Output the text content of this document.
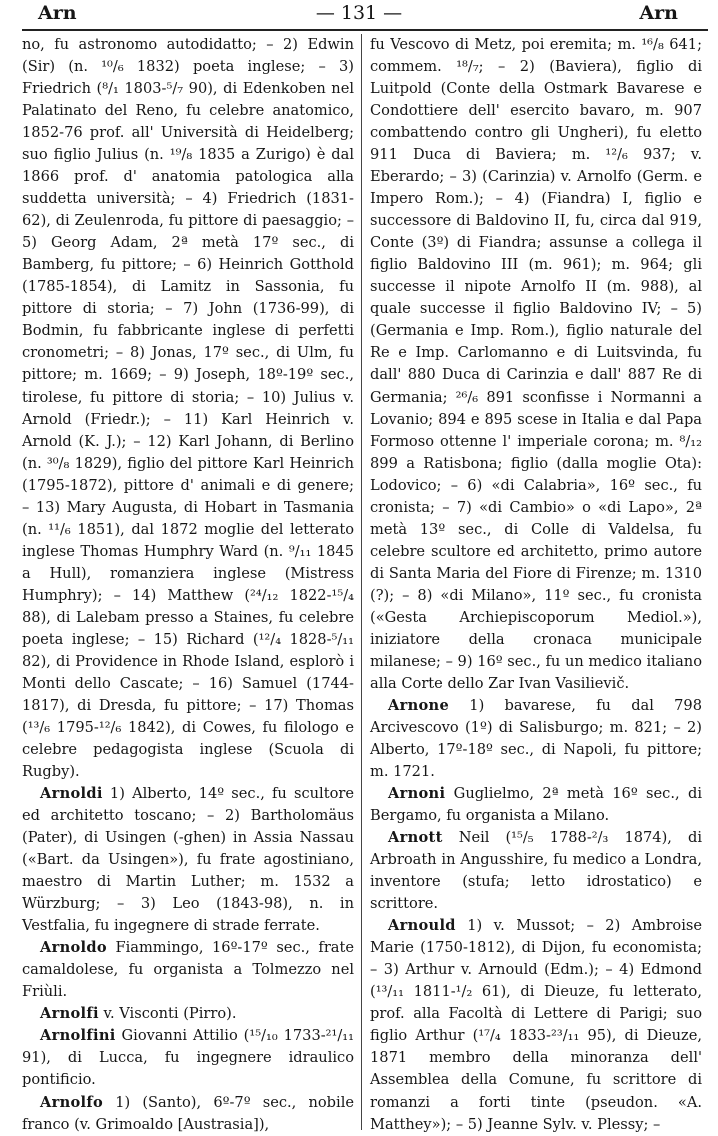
Arn	— 131 —	Arn

no, fu astronomo autodidatto; – 2) Edwin (Sir) (n. ¹⁰/₆ 1832) poeta inglese; – 3) Friedrich (⁸/₁ 1803-⁵/₇ 90), di Edenkoben nel Palatinato del Reno, fu celebre anatomico, 1852-76 prof. all' Università di Heidelberg; suo figlio Julius (n. ¹⁹/₈ 1835 a Zurigo) è dal 1866 prof. d' anatomia patologica alla suddetta università; – 4) Friedrich (1831-62), di Zeulenroda, fu pittore di paesaggio; – 5) Georg Adam, 2ª metà 17º sec., di Bamberg, fu pittore; – 6) Heinrich Gotthold (1785-1854), di Lamitz in Sassonia, fu pittore di storia; – 7) John (1736-99), di Bodmin, fu fabbricante inglese di perfetti cronometri; – 8) Jonas, 17º sec., di Ulm, fu pittore; m. 1669; – 9) Joseph, 18º-19º sec., tirolese, fu pittore di storia; – 10) Julius v. Arnold (Friedr.); – 11) Karl Heinrich v. Arnold (K. J.); – 12) Karl Johann, di Berlino (n. ³⁰/₈ 1829), figlio del pittore Karl Heinrich (1795-1872), pittore d' animali e di genere; – 13) Mary Augusta, di Hobart in Tasmania (n. ¹¹/₆ 1851), dal 1872 moglie del letterato inglese Thomas Humphry Ward (n. ⁹/₁₁ 1845 a Hull), romanziera inglese (Mistress Humphry); – 14) Matthew (²⁴/₁₂ 1822-¹⁵/₄ 88), di Lalebam presso a Staines, fu celebre poeta inglese; – 15) Richard (¹²/₄ 1828-⁵/₁₁ 82), di Providence in Rhode Island, esplorò i Monti dello Cascate; – 16) Samuel (1744-1817), di Dresda, fu pittore; – 17) Thomas (¹³/₆ 1795-¹²/₆ 1842), di Cowes, fu filologo e celebre pedagogista inglese (Scuola di Rugby).

Arnoldi 1) Alberto, 14º sec., fu scultore ed architetto toscano; – 2) Bartholomäus (Pater), di Usingen (-ghen) in Assia Nassau («Bart. da Usingen»), fu frate agostiniano, maestro di Martin Luther; m. 1532 a Würzburg; – 3) Leo (1843-98), n. in Vestfalia, fu ingegnere di strade ferrate.

Arnoldo Fiammingo, 16º-17º sec., frate camaldolese, fu organista a Tolmezzo nel Friùli.

Arnolfi v. Visconti (Pirro).

Arnolfini Giovanni Attilio (¹⁵/₁₀ 1733-²¹/₁₁ 91), di Lucca, fu ingegnere idraulico pontificio.

Arnolfo 1) (Santo), 6º-7º sec., nobile franco (v. Grimoaldo [Austrasia]),

fu Vescovo di Metz, poi eremita; m. ¹⁶/₈ 641; commem. ¹⁸/₇; – 2) (Baviera), figlio di Luitpold (Conte della Ostmark Bavarese e Condottiere dell' esercito bavaro, m. 907 combattendo contro gli Ungheri), fu eletto 911 Duca di Baviera; m. ¹²/₆ 937; v. Eberardo; – 3) (Carinzia) v. Arnolfo (Germ. e Impero Rom.); – 4) (Fiandra) I, figlio e successore di Baldovino II, fu, circa dal 919, Conte (3º) di Fiandra; assunse a collega il figlio Baldovino III (m. 961); m. 964; gli successe il nipote Arnolfo II (m. 988), al quale successe il figlio Baldovino IV; – 5) (Germania e Imp. Rom.), figlio naturale del Re e Imp. Carlomanno e di Luitsvinda, fu dall' 880 Duca di Carinzia e dall' 887 Re di Germania; ²⁶/₆ 891 sconfisse i Normanni a Lovanio; 894 e 895 scese in Italia e dal Papa Formoso ottenne l' imperiale corona; m. ⁸/₁₂ 899 a Ratisbona; figlio (dalla moglie Ota): Lodovico; – 6) «di Calabria», 16º sec., fu cronista; – 7) «di Cambio» o «di Lapo», 2ª metà 13º sec., di Colle di Valdelsa, fu celebre scultore ed architetto, primo autore di Santa Maria del Fiore di Firenze; m. 1310 (?); – 8) «di Milano», 11º sec., fu cronista («Gesta Archiepiscoporum Mediol.»), iniziatore della cronaca municipale milanese; – 9) 16º sec., fu un medico italiano alla Corte dello Zar Ivan Vasilievič.

Arnone 1) bavarese, fu dal 798 Arcivescovo (1º) di Salisburgo; m. 821; – 2) Alberto, 17º-18º sec., di Napoli, fu pittore; m. 1721.

Arnoni Guglielmo, 2ª metà 16º sec., di Bergamo, fu organista a Milano.

Arnott Neil (¹⁵/₅ 1788-²/₃ 1874), di Arbroath in Angusshire, fu medico a Londra, inventore (stufa; letto idrostatico) e scrittore.

Arnould 1) v. Mussot; – 2) Ambroise Marie (1750-1812), di Dijon, fu economista; – 3) Arthur v. Arnould (Edm.); – 4) Edmond (¹³/₁₁ 1811-¹/₂ 61), di Dieuze, fu letterato, prof. alla Facoltà di Lettere di Parigi; suo figlio Arthur (¹⁷/₄ 1833-²³/₁₁ 95), di Dieuze, 1871 membro della minoranza dell' Assemblea della Comune, fu scrittore di romanzi a forti tinte (pseudon. «A. Matthey»); – 5) Jeanne Sylv. v. Plessy; –
